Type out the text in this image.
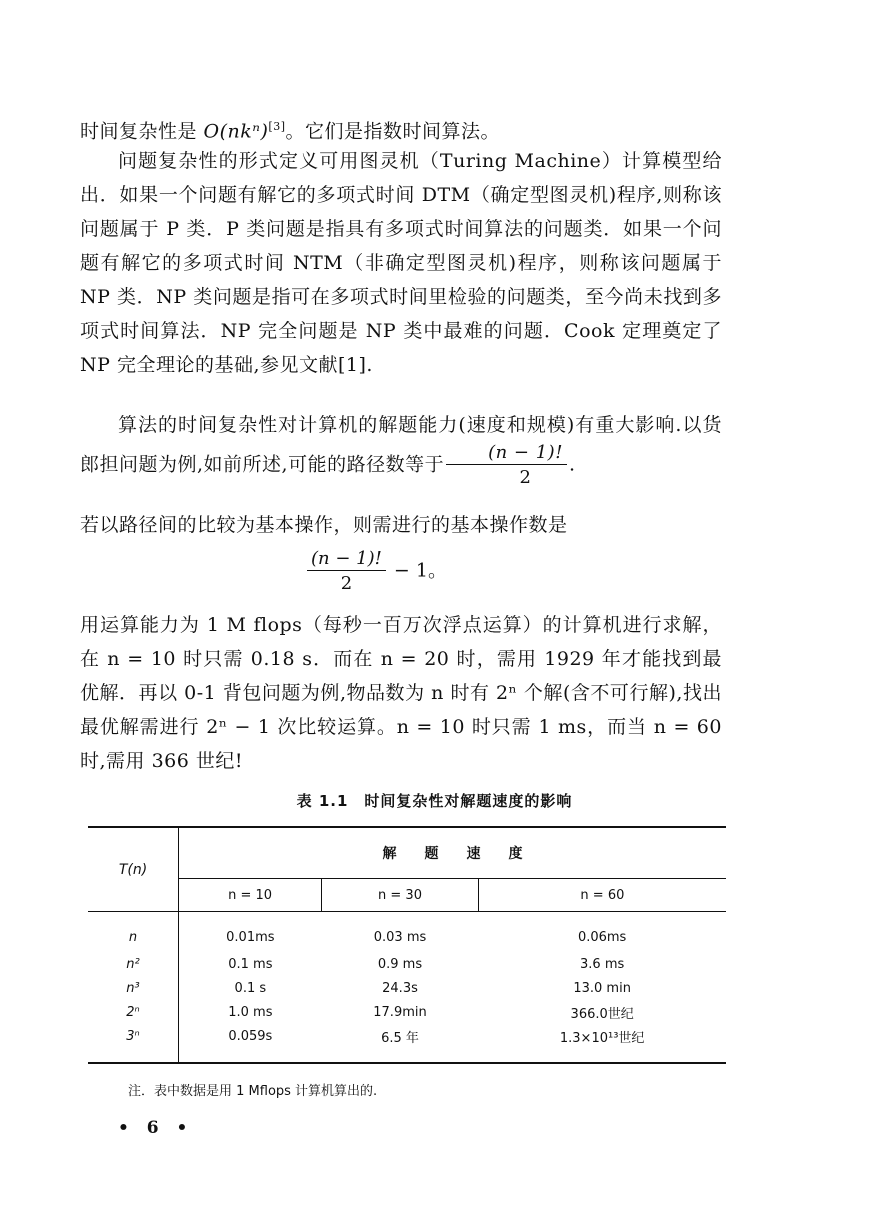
时间复杂性是 O(nkⁿ)[3]。它们是指数时间算法。

问题复杂性的形式定义可用图灵机（Turing Machine）计算模型给出．如果一个问题有解它的多项式时间 DTM（确定型图灵机)程序,则称该问题属于 P 类．P 类问题是指具有多项式时间算法的问题类．如果一个问题有解它的多项式时间 NTM（非确定型图灵机)程序，则称该问题属于 NP 类．NP 类问题是指可在多项式时间里检验的问题类，至今尚未找到多项式时间算法．NP 完全问题是 NP 类中最难的问题．Cook 定理奠定了 NP 完全理论的基础,参见文献[1].

算法的时间复杂性对计算机的解题能力(速度和规模)有重大影响.以货郎担问题为例,如前所述,可能的路径数等于 $\frac{(n - 1)!}{2}$ .

若以路径间的比较为基本操作，则需进行的基本操作数是

$\frac{(n - 1)!}{2} - 1$。

用运算能力为 1 M flops（每秒一百万次浮点运算）的计算机进行求解，在 n = 10 时只需 0.18 s．而在 n = 20 时，需用 1929 年才能找到最优解．再以 0-1 背包问题为例,物品数为 n 时有 2ⁿ 个解(含不可行解),找出最优解需进行 2ⁿ − 1 次比较运算。n = 10 时只需 1 ms，而当 n = 60 时,需用 366 世纪!

表 1.1　时间复杂性对解题速度的影响
T(n)	解　　题　　速　　度		
	n = 10	n = 30	n = 60
n	0.01ms	0.03 ms	0.06ms
n²	0.1 ms	0.9 ms	3.6 ms
n³	0.1 s	24.3s	13.0 min
2ⁿ	1.0 ms	17.9min	366.0世纪
3ⁿ	0.059s	6.5 年	1.3×10¹³世纪
注．表中数据是用 1 Mflops 计算机算出的.
• 6 •
